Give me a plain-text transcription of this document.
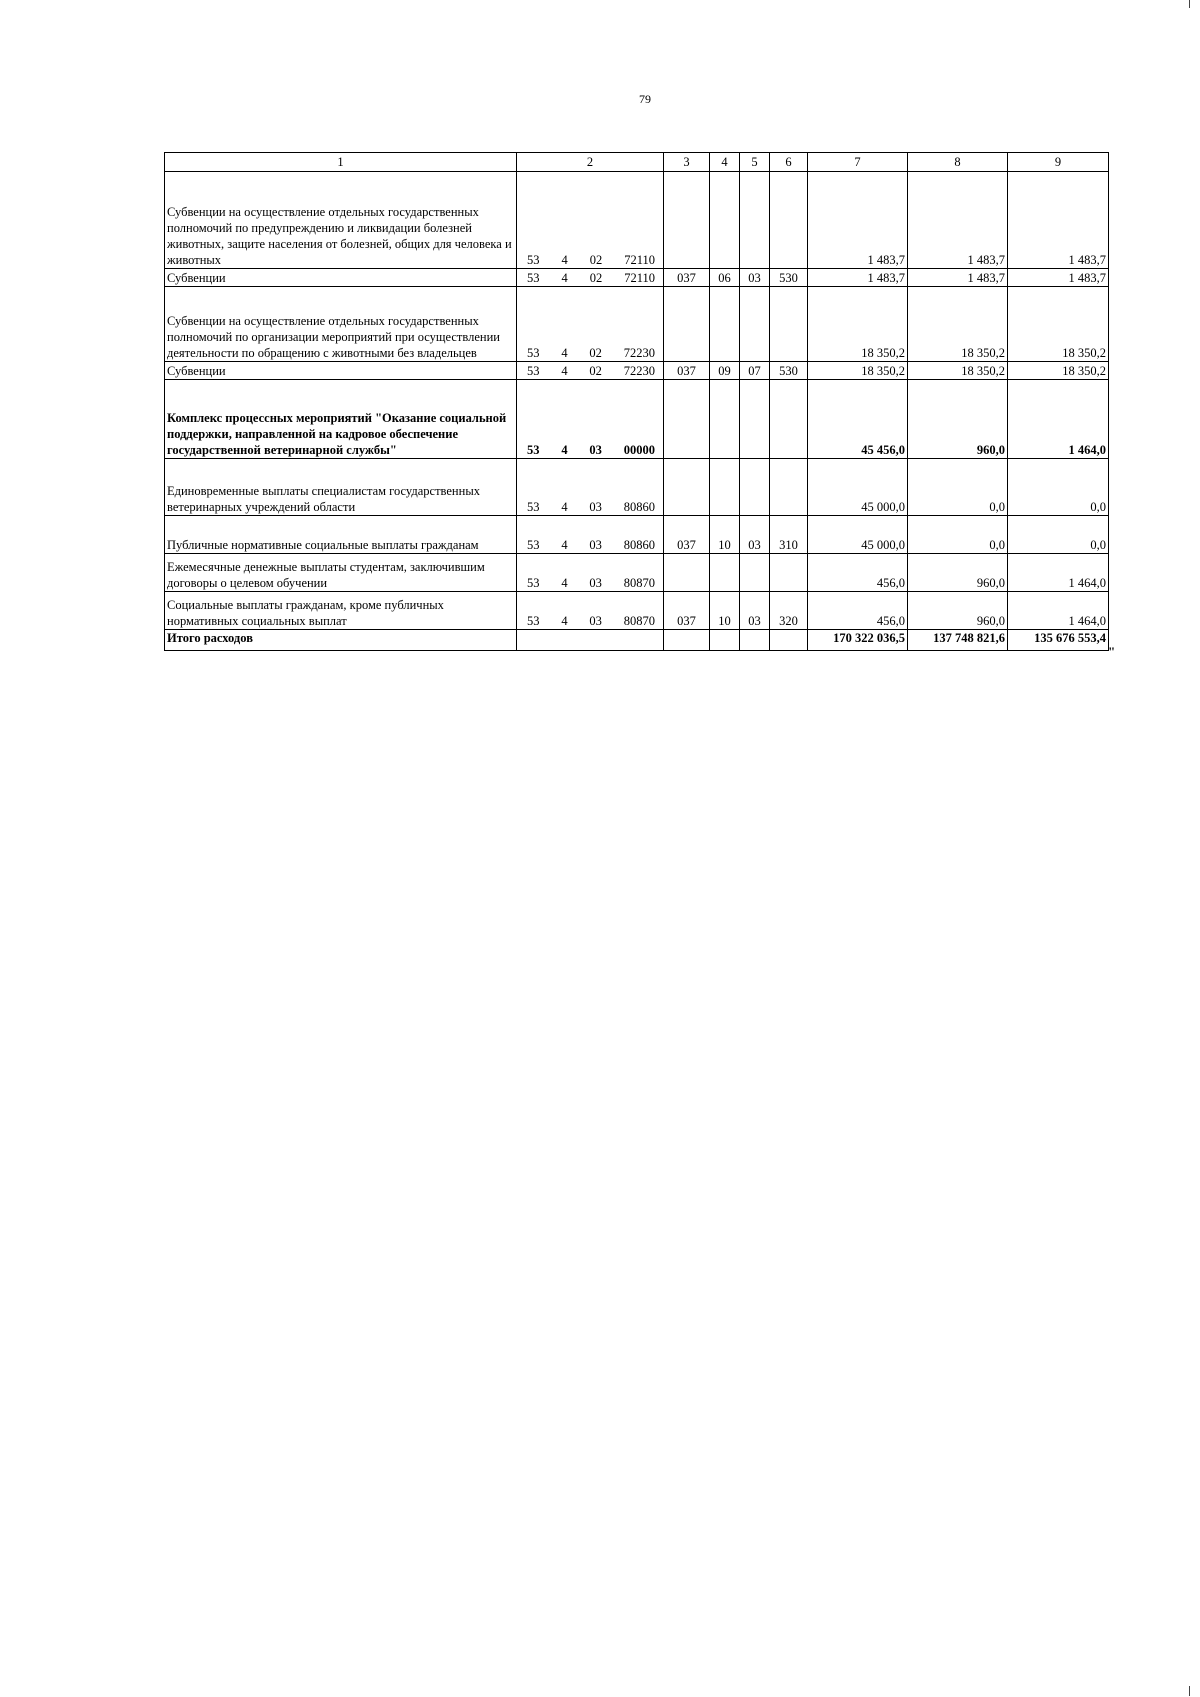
79
1	2	3	4	5	6	7	8	9
Субвенции на осуществление отдельных государственных полномочий по предупреждению и ликвидации болезней животных, защите населения от болезней, общих для человека и животных	53 4 02 72110					1 483,7	1 483,7	1 483,7
Субвенции	53 4 02 72110	037	06	03	530	1 483,7	1 483,7	1 483,7
Субвенции на осуществление отдельных государственных полномочий по организации мероприятий при осуществлении деятельности по обращению с животными без владельцев	53 4 02 72230					18 350,2	18 350,2	18 350,2
Субвенции	53 4 02 72230	037	09	07	530	18 350,2	18 350,2	18 350,2
Комплекс процессных мероприятий "Оказание социальной поддержки, направленной на кадровое обеспечение государственной ветеринарной службы"	53 4 03 00000					45 456,0	960,0	1 464,0
Единовременные выплаты специалистам государственных ветеринарных учреждений области	53 4 03 80860					45 000,0	0,0	0,0
Публичные нормативные социальные выплаты гражданам	53 4 03 80860	037	10	03	310	45 000,0	0,0	0,0
Ежемесячные денежные выплаты студентам, заключившим договоры о целевом обучении	53 4 03 80870					456,0	960,0	1 464,0
Социальные выплаты гражданам, кроме публичных нормативных социальных выплат	53 4 03 80870	037	10	03	320	456,0	960,0	1 464,0
Итого расходов						170 322 036,5	137 748 821,6	135 676 553,4
"
